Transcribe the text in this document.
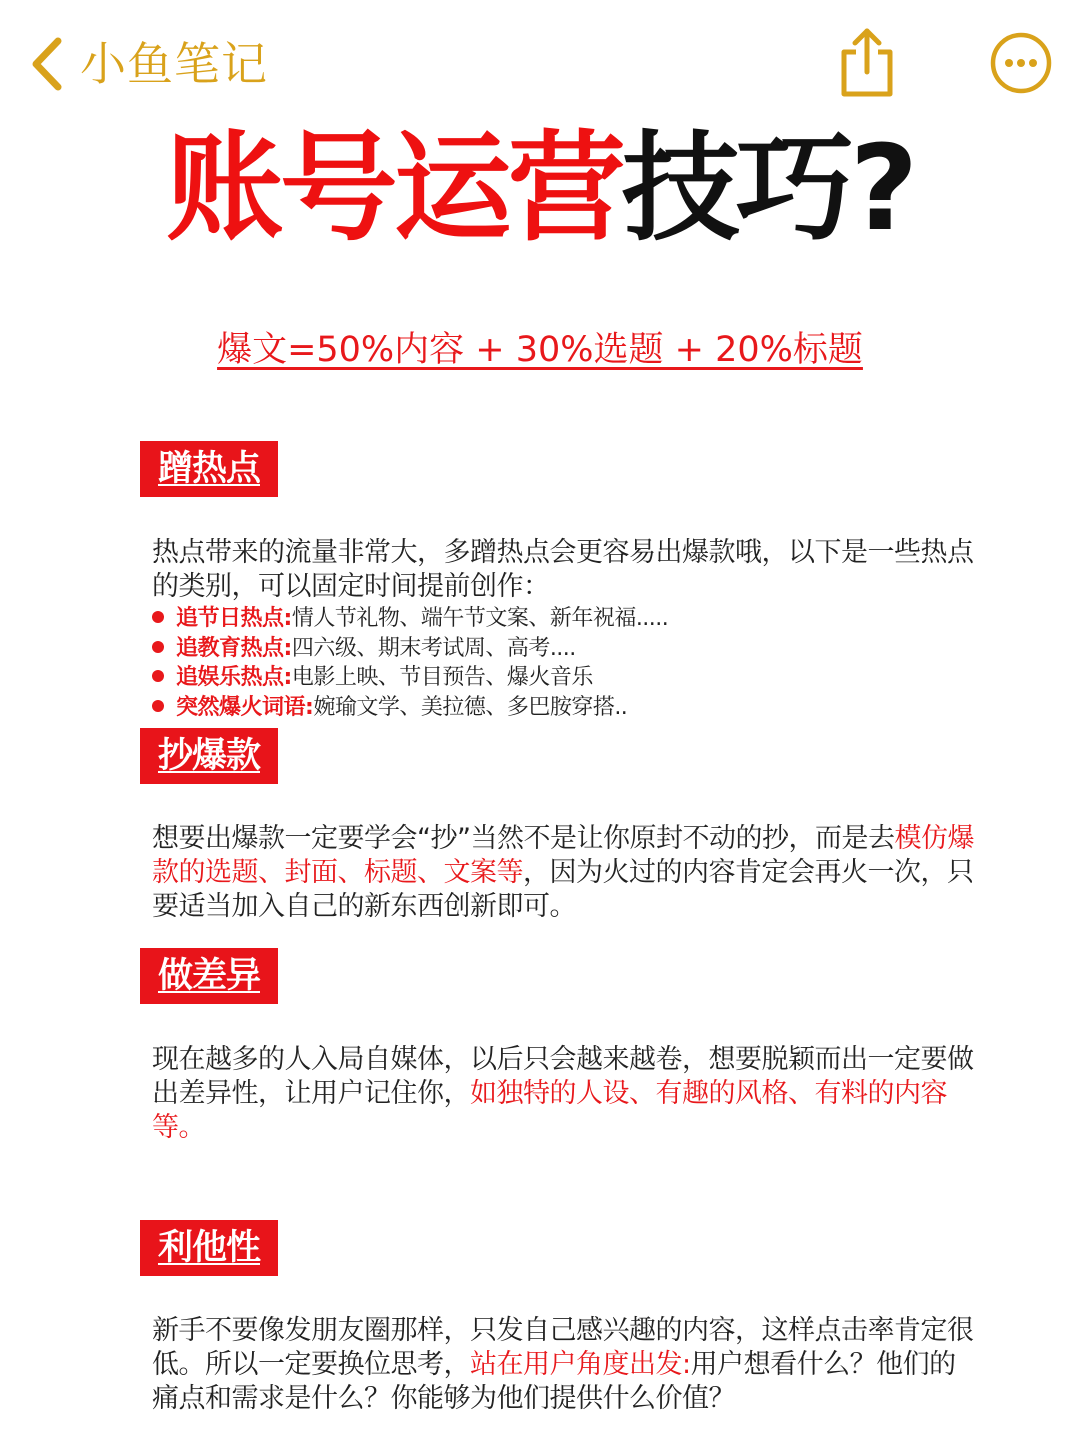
小鱼笔记
账号运营技巧?
爆文=50%内容 + 30%选题 + 20%标题
蹭热点
热点带来的流量非常大，多蹭热点会更容易出爆款哦，以下是一些热点的类别，可以固定时间提前创作：
追节日热点:情人节礼物、端午节文案、新年祝福.....
追教育热点:四六级、期末考试周、高考....
追娱乐热点:电影上映、节目预告、爆火音乐
突然爆火词语:婉瑜文学、美拉德、多巴胺穿搭..
抄爆款
想要出爆款一定要学会“抄”当然不是让你原封不动的抄，而是去模仿爆款的选题、封面、标题、文案等，因为火过的内容肯定会再火一次，只要适当加入自己的新东西创新即可。
做差异
现在越多的人入局自媒体，以后只会越来越卷，想要脱颖而出一定要做出差异性，让用户记住你，如独特的人设、有趣的风格、有料的内容等。
利他性
新手不要像发朋友圈那样，只发自己感兴趣的内容，这样点击率肯定很低。所以一定要换位思考，站在用户角度出发:用户想看什么？他们的痛点和需求是什么？你能够为他们提供什么价值？
